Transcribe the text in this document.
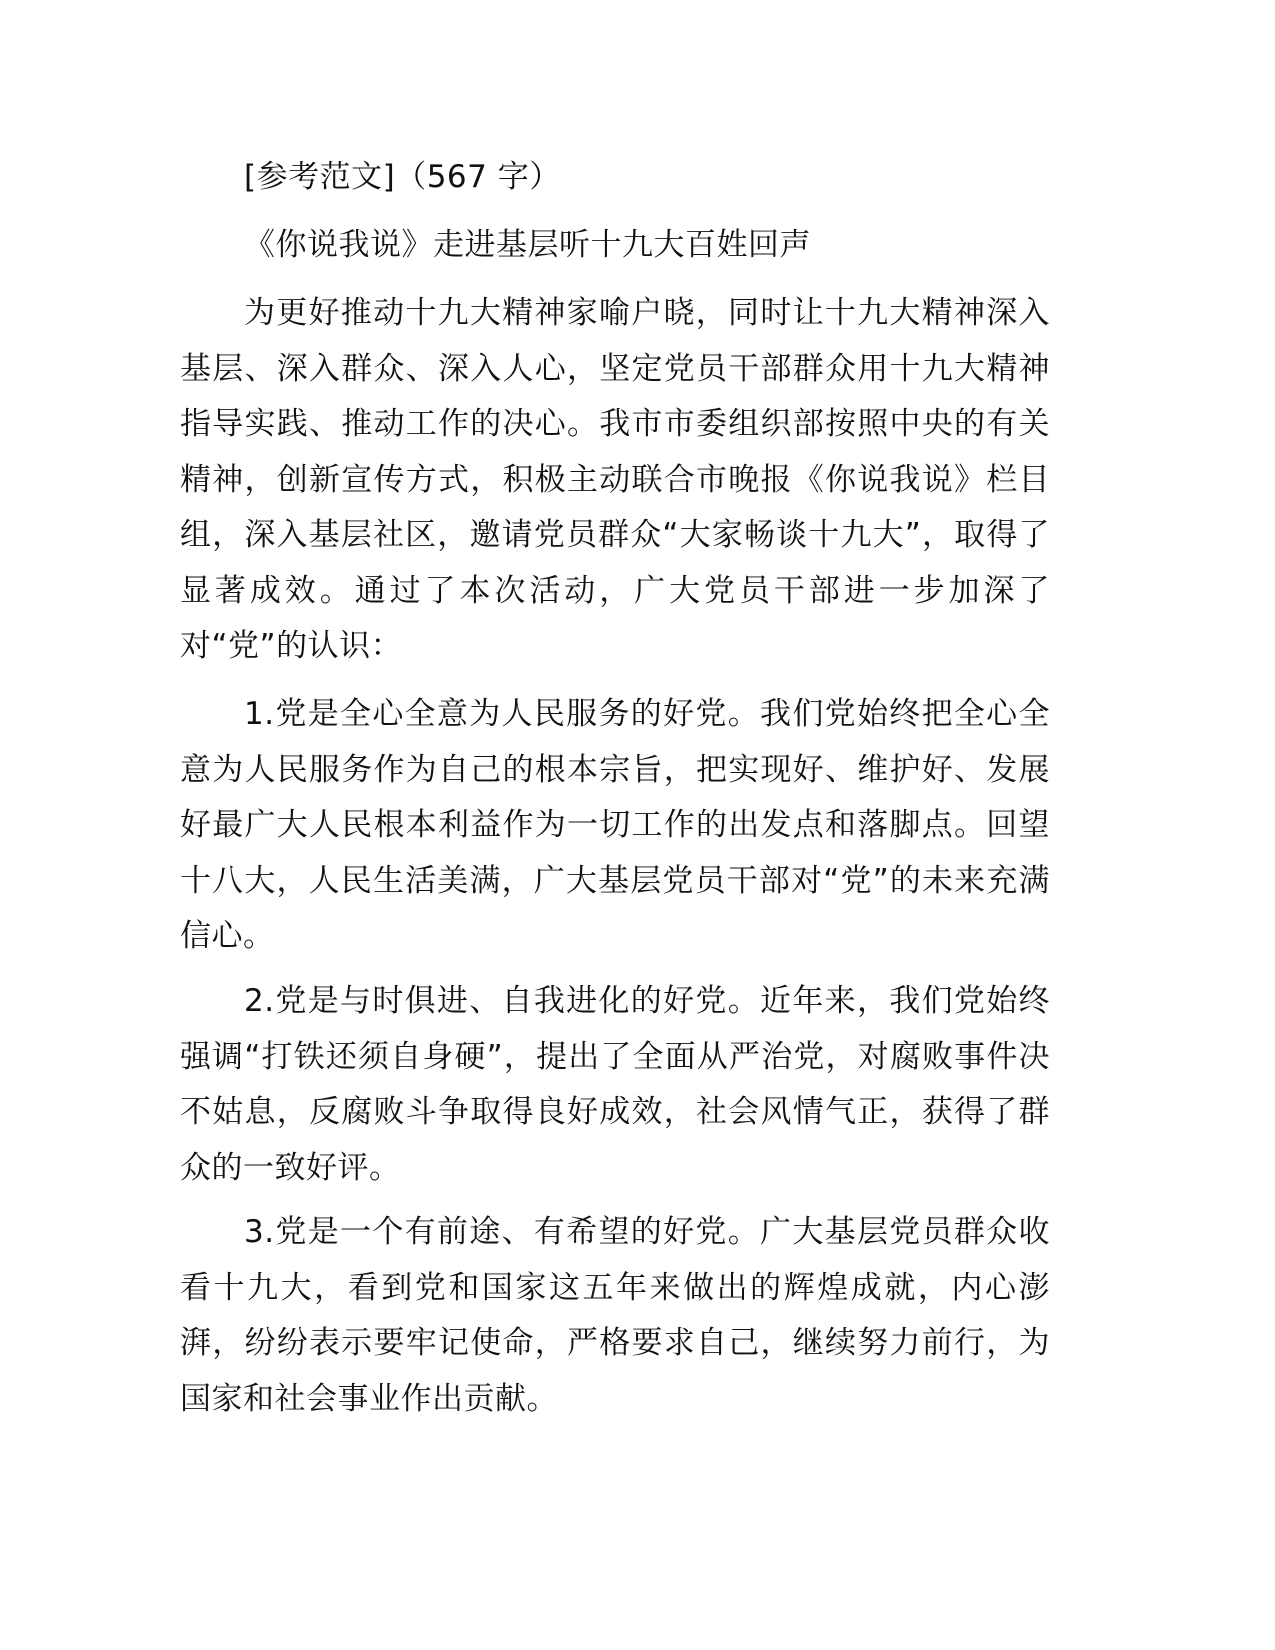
[参考范文]（567 字）

《你说我说》走进基层听十九大百姓回声

为更好推动十九大精神家喻户晓，同时让十九大精神深入基层、深入群众、深入人心，坚定党员干部群众用十九大精神指导实践、推动工作的决心。我市市委组织部按照中央的有关精神，创新宣传方式，积极主动联合市晚报《你说我说》栏目组，深入基层社区，邀请党员群众“大家畅谈十九大”，取得了显著成效。通过了本次活动，广大党员干部进一步加深了对“党”的认识：

1.党是全心全意为人民服务的好党。我们党始终把全心全意为人民服务作为自己的根本宗旨，把实现好、维护好、发展好最广大人民根本利益作为一切工作的出发点和落脚点。回望十八大，人民生活美满，广大基层党员干部对“党”的未来充满信心。

2.党是与时俱进、自我进化的好党。近年来，我们党始终强调“打铁还须自身硬”，提出了全面从严治党，对腐败事件决不姑息，反腐败斗争取得良好成效，社会风情气正，获得了群众的一致好评。

3.党是一个有前途、有希望的好党。广大基层党员群众收看十九大，看到党和国家这五年来做出的辉煌成就，内心澎湃，纷纷表示要牢记使命，严格要求自己，继续努力前行，为国家和社会事业作出贡献。
